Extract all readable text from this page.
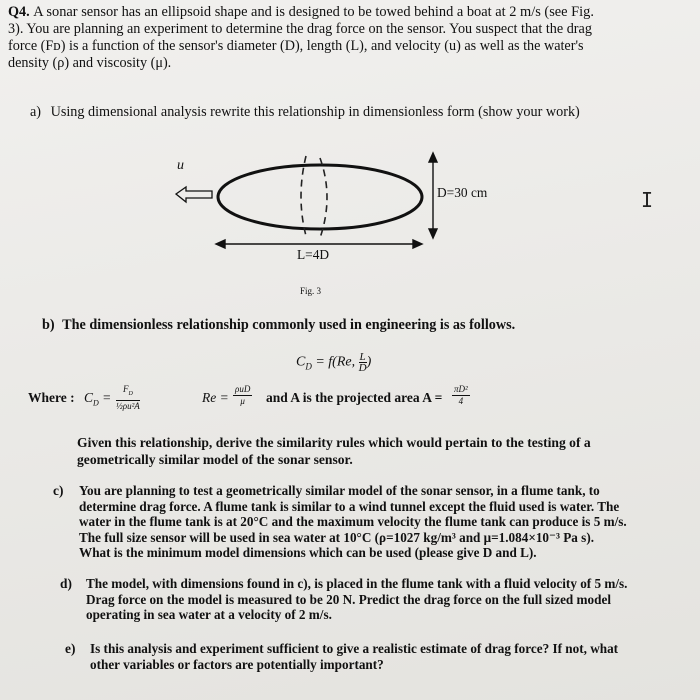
Q4. A sonar sensor has an ellipsoid shape and is designed to be towed behind a boat at 2 m/s (see Fig.
3). You are planning an experiment to determine the drag force on the sensor. You suspect that the drag
force (Fᴅ) is a function of the sensor's diameter (D), length (L), and velocity (u) as well as the water's
density (ρ) and viscosity (μ).
a) Using dimensional analysis rewrite this relationship in dimensionless form (show your work)
u
D=30 cm
L=4D
Fig. 3
b) The dimensionless relationship commonly used in engineering is as follows.
$C_D = f(Re$, $\frac{L}{D}$ )
Where : $C_D = \frac{F_D}{\text{½ρu²A}}$	Re =
ρuD
μ	and A is the projected area $A = \frac{\text{πD²}}{4}$
Given this relationship, derive the similarity rules which would pertain to the testing of a
geometrically similar model of the sonar sensor.
c) You are planning to test a geometrically similar model of the sonar sensor, in a flume tank, to
determine drag force. A flume tank is similar to a wind tunnel except the fluid used is water. The
water in the flume tank is at 20°C and the maximum velocity the flume tank can produce is 5 m/s.
The full size sensor will be used in sea water at 10°C (ρ=1027 kg/m³ and μ=1.084×10⁻³ Pa s).
What is the minimum model dimensions which can be used (please give D and L).
d) The model, with dimensions found in c), is placed in the flume tank with a fluid velocity of 5 m/s.
Drag force on the model is measured to be 20 N. Predict the drag force on the full sized model
operating in sea water at a velocity of 2 m/s.
e) Is this analysis and experiment sufficient to give a realistic estimate of drag force? If not, what
other variables or factors are potentially important?
I
